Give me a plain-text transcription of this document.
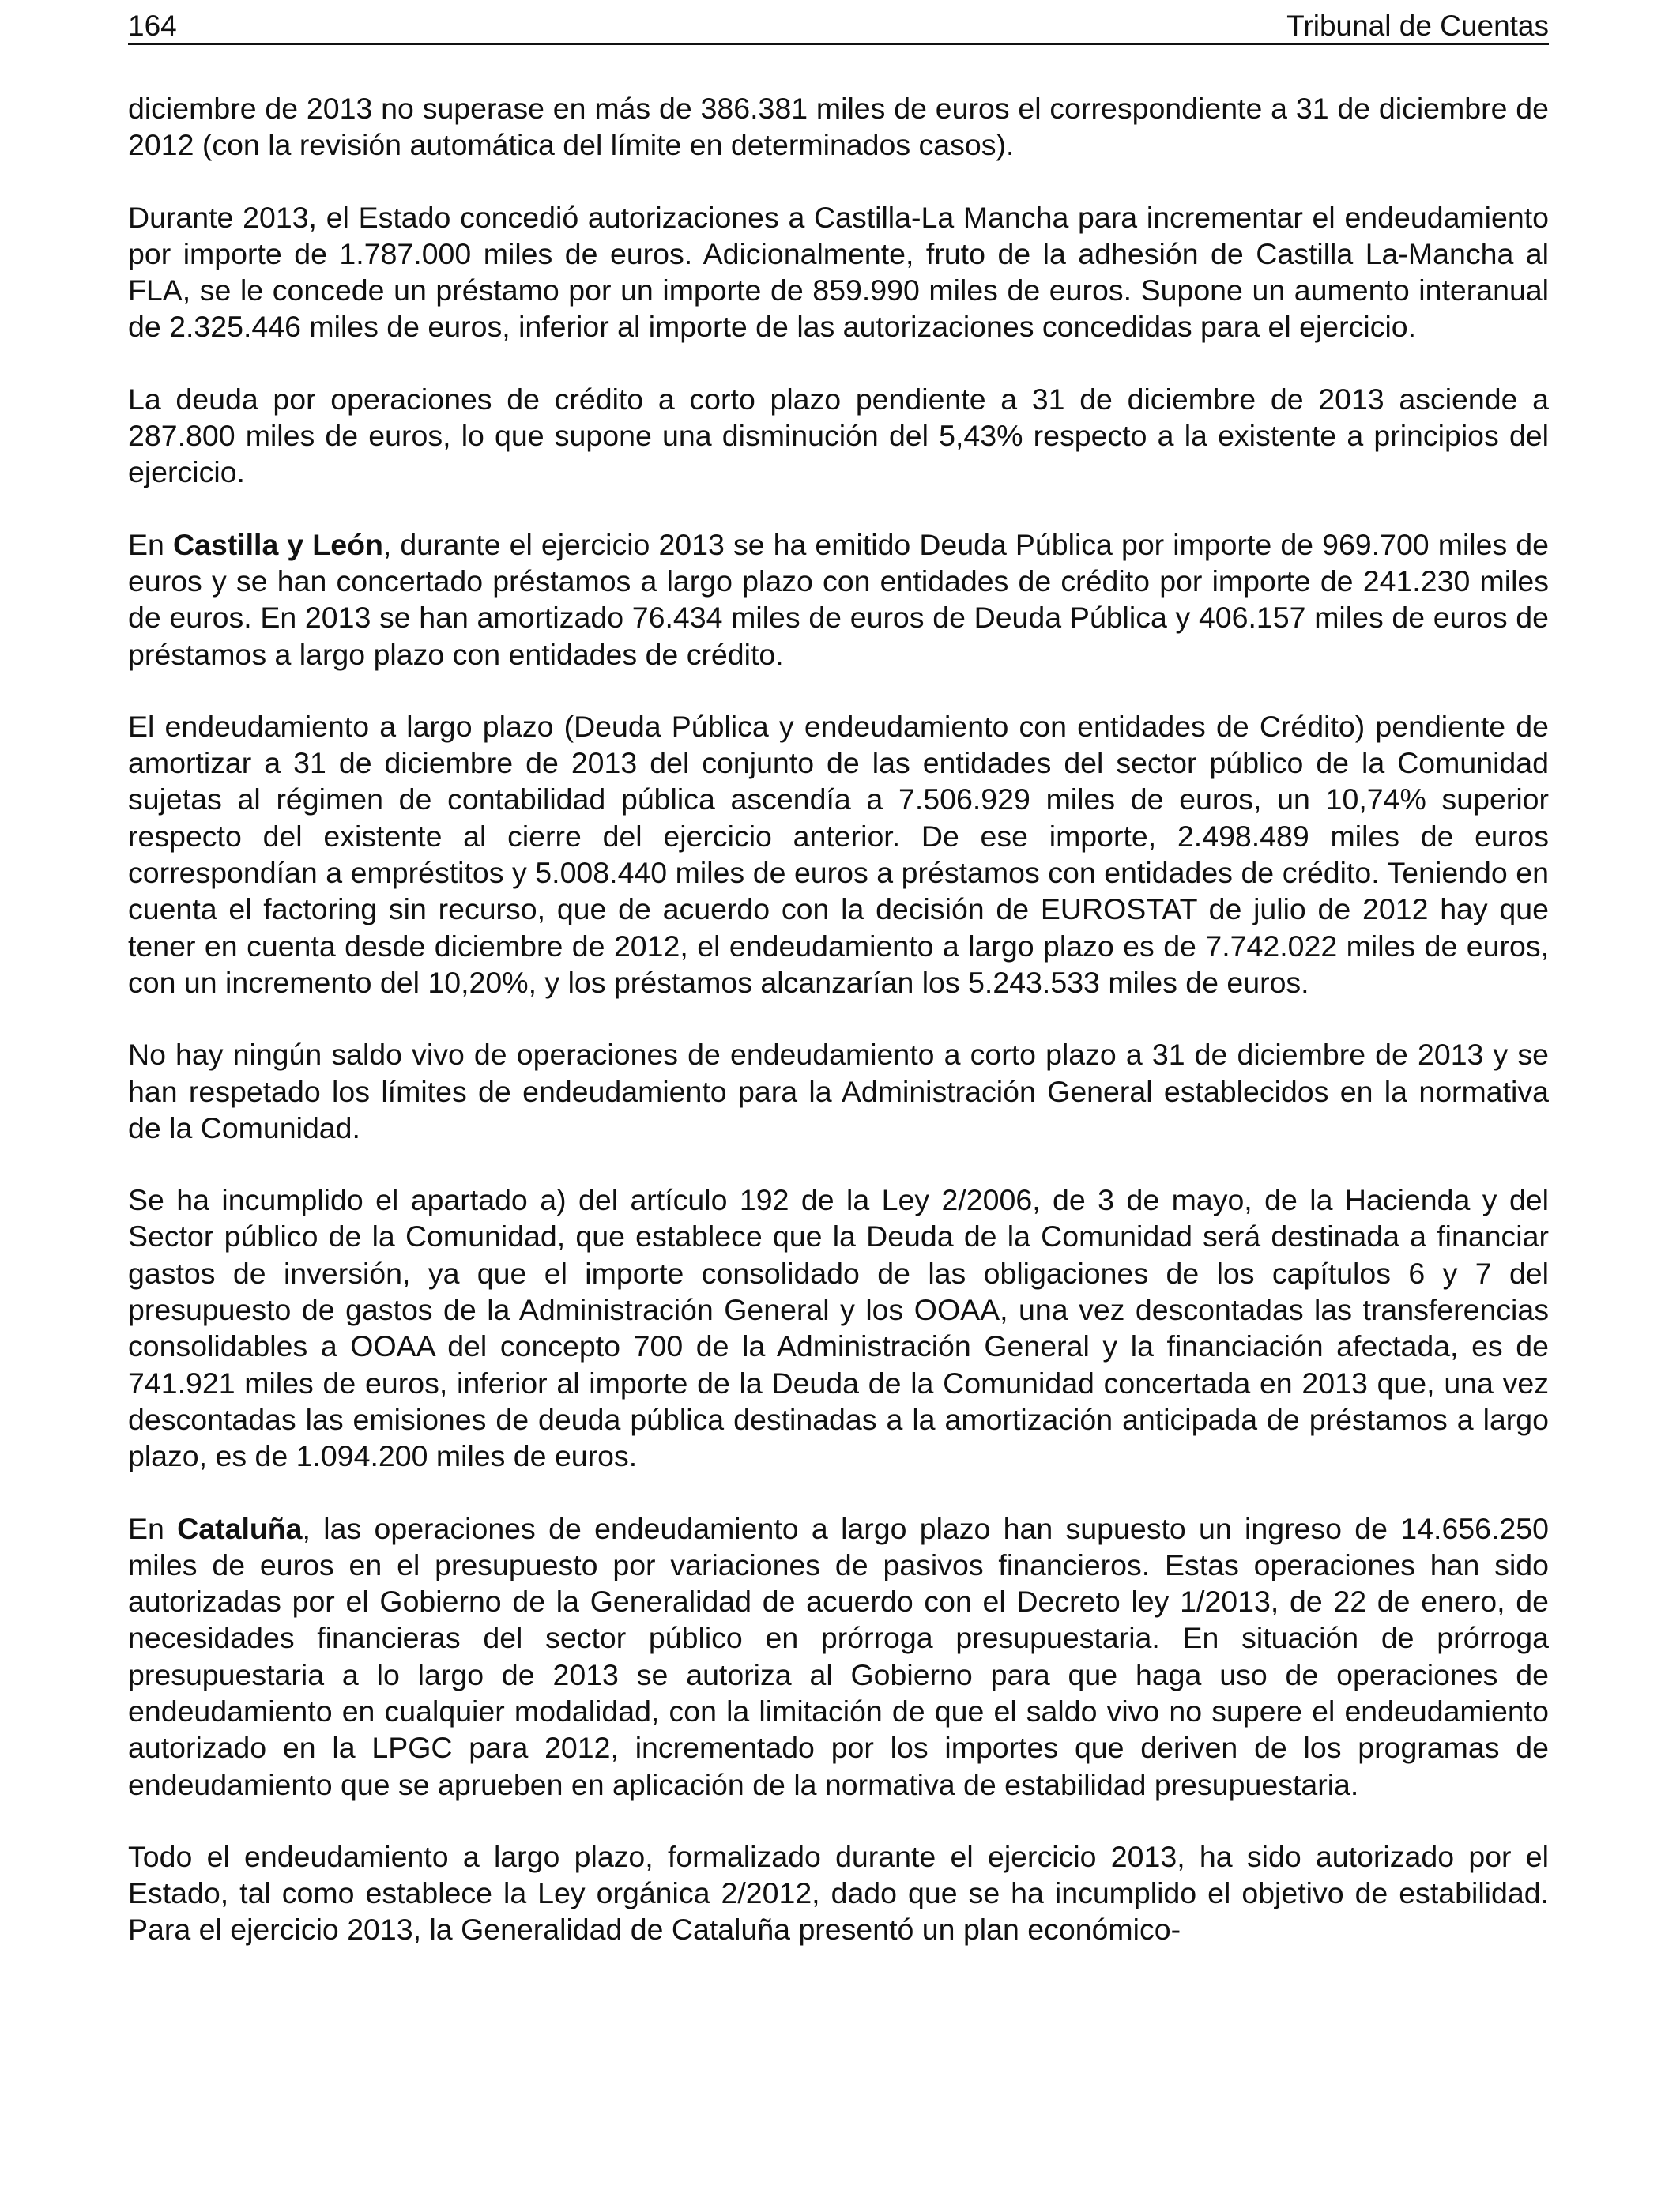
164	Tribunal de Cuentas

diciembre de 2013 no superase en más de 386.381 miles de euros el correspondiente a 31 de diciembre de 2012 (con la revisión automática del límite en determinados casos).

Durante 2013, el Estado concedió autorizaciones a Castilla-La Mancha para incrementar el endeudamiento por importe de 1.787.000 miles de euros. Adicionalmente, fruto de la adhesión de Castilla La-Mancha al FLA, se le concede un préstamo por un importe de 859.990 miles de euros. Supone un aumento interanual de 2.325.446 miles de euros, inferior al importe de las autorizaciones concedidas para el ejercicio.

La deuda por operaciones de crédito a corto plazo pendiente a 31 de diciembre de 2013 asciende a 287.800 miles de euros, lo que supone una disminución del 5,43% respecto a la existente a principios del ejercicio.

En Castilla y León, durante el ejercicio 2013 se ha emitido Deuda Pública por importe de 969.700 miles de euros y se han concertado préstamos a largo plazo con entidades de crédito por importe de 241.230 miles de euros. En 2013 se han amortizado 76.434 miles de euros de Deuda Pública y 406.157 miles de euros de préstamos a largo plazo con entidades de crédito.

El endeudamiento a largo plazo (Deuda Pública y endeudamiento con entidades de Crédito) pendiente de amortizar a 31 de diciembre de 2013 del conjunto de las entidades del sector público de la Comunidad sujetas al régimen de contabilidad pública ascendía a 7.506.929 miles de euros, un 10,74% superior respecto del existente al cierre del ejercicio anterior. De ese importe, 2.498.489 miles de euros correspondían a empréstitos y 5.008.440 miles de euros a préstamos con entidades de crédito. Teniendo en cuenta el factoring sin recurso, que de acuerdo con la decisión de EUROSTAT de julio de 2012 hay que tener en cuenta desde diciembre de 2012, el endeudamiento a largo plazo es de 7.742.022 miles de euros, con un incremento del 10,20%, y los préstamos alcanzarían los 5.243.533 miles de euros.

No hay ningún saldo vivo de operaciones de endeudamiento a corto plazo a 31 de diciembre de 2013 y se han respetado los límites de endeudamiento para la Administración General establecidos en la normativa de la Comunidad.

Se ha incumplido el apartado a) del artículo 192 de la Ley 2/2006, de 3 de mayo, de la Hacienda y del Sector público de la Comunidad, que establece que la Deuda de la Comunidad será destinada a financiar gastos de inversión, ya que el importe consolidado de las obligaciones de los capítulos 6 y 7 del presupuesto de gastos de la Administración General y los OOAA, una vez descontadas las transferencias consolidables a OOAA del concepto 700 de la Administración General y la financiación afectada, es de 741.921 miles de euros, inferior al importe de la Deuda de la Comunidad concertada en 2013 que, una vez descontadas las emisiones de deuda pública destinadas a la amortización anticipada de préstamos a largo plazo, es de 1.094.200 miles de euros.

En Cataluña, las operaciones de endeudamiento a largo plazo han supuesto un ingreso de 14.656.250 miles de euros en el presupuesto por variaciones de pasivos financieros. Estas operaciones han sido autorizadas por el Gobierno de la Generalidad de acuerdo con el Decreto ley 1/2013, de 22 de enero, de necesidades financieras del sector público en prórroga presupuestaria. En situación de prórroga presupuestaria a lo largo de 2013 se autoriza al Gobierno para que haga uso de operaciones de endeudamiento en cualquier modalidad, con la limitación de que el saldo vivo no supere el endeudamiento autorizado en la LPGC para 2012, incrementado por los importes que deriven de los programas de endeudamiento que se aprueben en aplicación de la normativa de estabilidad presupuestaria.

Todo el endeudamiento a largo plazo, formalizado durante el ejercicio 2013, ha sido autorizado por el Estado, tal como establece la Ley orgánica 2/2012, dado que se ha incumplido el objetivo de estabilidad. Para el ejercicio 2013, la Generalidad de Cataluña presentó un plan económico-
